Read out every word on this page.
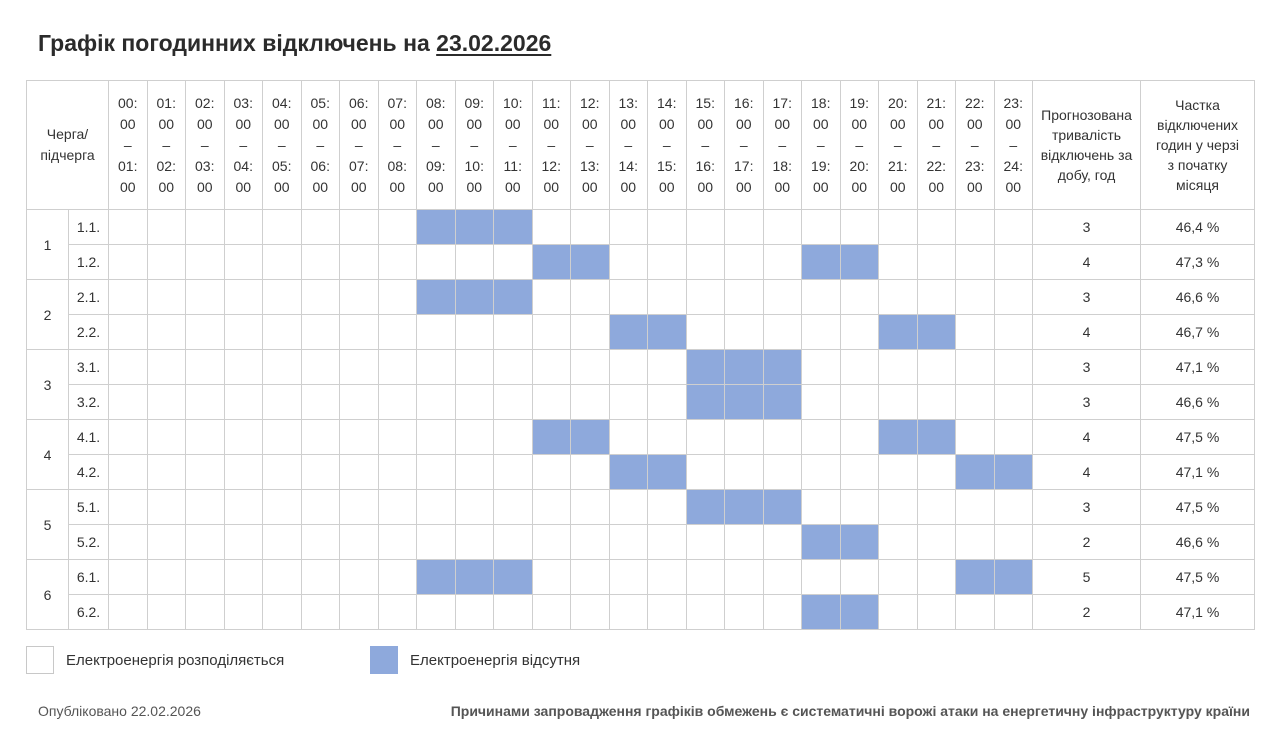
Графік погодинних відключень на 23.02.2026
Черга/
підчерга		00:
00
–
01:
00	01:
00
–
02:
00	02:
00
–
03:
00	03:
00
–
04:
00	04:
00
–
05:
00	05:
00
–
06:
00	06:
00
–
07:
00	07:
00
–
08:
00	08:
00
–
09:
00	09:
00
–
10:
00	10:
00
–
11:
00	11:
00
–
12:
00	12:
00
–
13:
00	13:
00
–
14:
00	14:
00
–
15:
00	15:
00
–
16:
00	16:
00
–
17:
00	17:
00
–
18:
00	18:
00
–
19:
00	19:
00
–
20:
00	20:
00
–
21:
00	21:
00
–
22:
00	22:
00
–
23:
00	23:
00
–
24:
00	Прогнозована
тривалість
відключень за
добу, год	Частка
відключених
годин у черзі
з початку
місяця

1	1.1.																									3	46,4 %
	1.2.																									4	47,3 %
2	2.1.																									3	46,6 %
	2.2.																									4	46,7 %
3	3.1.																									3	47,1 %
	3.2.																									3	46,6 %
4	4.1.																									4	47,5 %
	4.2.																									4	47,1 %
5	5.1.																									3	47,5 %
	5.2.																									2	46,6 %
6	6.1.																									5	47,5 %
	6.2.																									2	47,1 %
Електроенергія розподіляється	Електроенергія відсутня
Опубліковано 22.02.2026	Причинами запровадження графіків обмежень є систематичні ворожі атаки на енергетичну інфраструктуру країни
